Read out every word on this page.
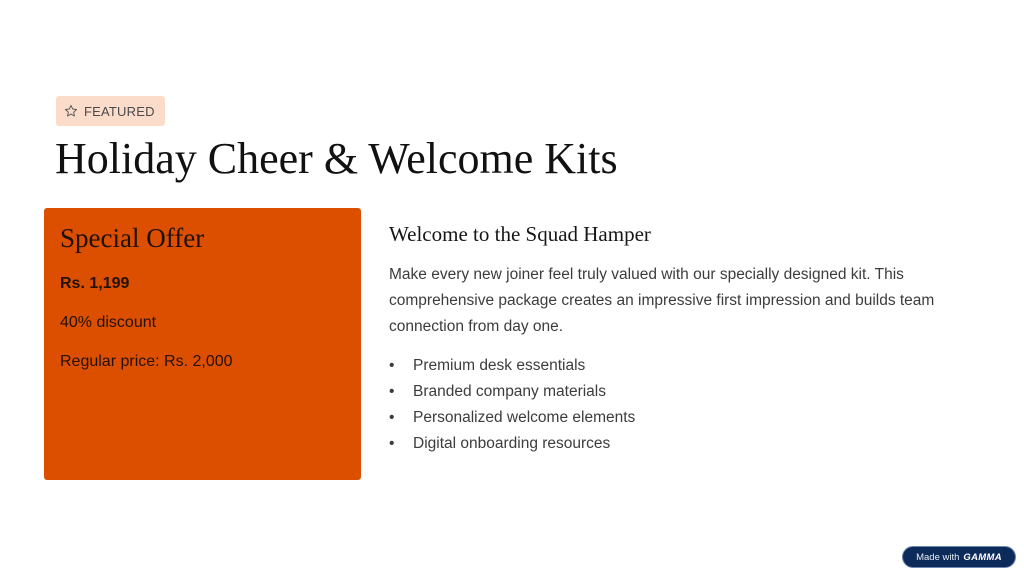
FEATURED
Holiday Cheer & Welcome Kits
Special Offer
Rs. 1,199
40% discount
Regular price: Rs. 2,000
Welcome to the Squad Hamper

Make every new joiner feel truly valued with our specially designed kit. This comprehensive package creates an impressive first impression and builds team connection from day one.

• Premium desk essentials
• Branded company materials
• Personalized welcome elements
• Digital onboarding resources
Made with GAMMA
